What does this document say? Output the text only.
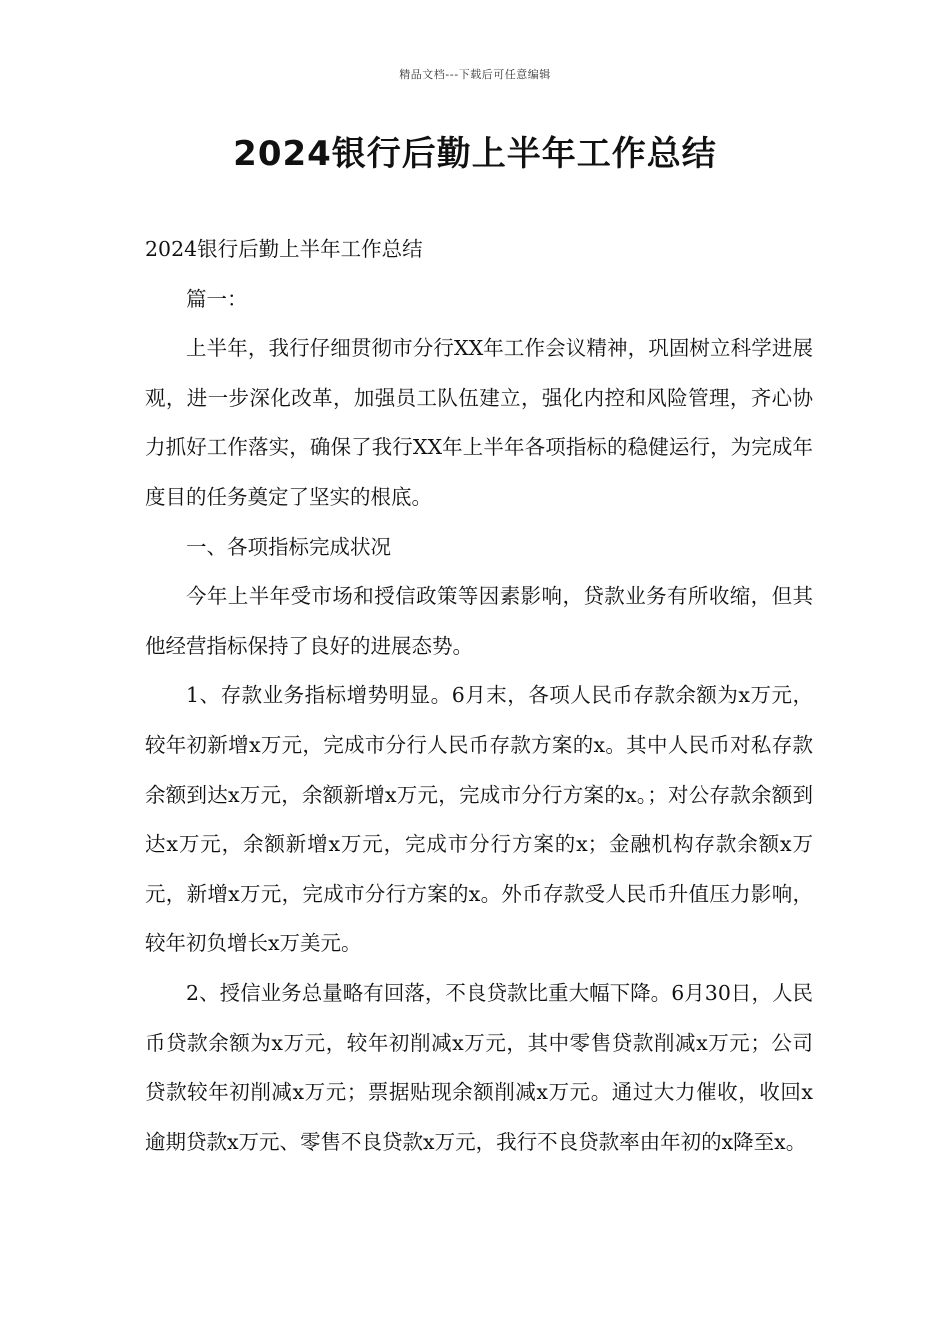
精品文档---下载后可任意编辑
2024银行后勤上半年工作总结

2024银行后勤上半年工作总结

篇一：

上半年，我行仔细贯彻市分行XX年工作会议精神，巩固树立科学进展观，进一步深化改革，加强员工队伍建立，强化内控和风险管理，齐心协力抓好工作落实，确保了我行XX年上半年各项指标的稳健运行，为完成年度目的任务奠定了坚实的根底。

一、各项指标完成状况

今年上半年受市场和授信政策等因素影响，贷款业务有所收缩，但其他经营指标保持了良好的进展态势。

1、存款业务指标增势明显。6月末，各项人民币存款余额为x万元，较年初新增x万元，完成市分行人民币存款方案的x。其中人民币对私存款余额到达x万元，余额新增x万元，完成市分行方案的x。；对公存款余额到达x万元，余额新增x万元，完成市分行方案的x；金融机构存款余额x万元，新增x万元，完成市分行方案的x。外币存款受人民币升值压力影响，较年初负增长x万美元。

2、授信业务总量略有回落，不良贷款比重大幅下降。6月30日，人民币贷款余额为x万元，较年初削减x万元，其中零售贷款削减x万元；公司贷款较年初削减x万元；票据贴现余额削减x万元。通过大力催收，收回x逾期贷款x万元、零售不良贷款x万元，我行不良贷款率由年初的x降至x。
